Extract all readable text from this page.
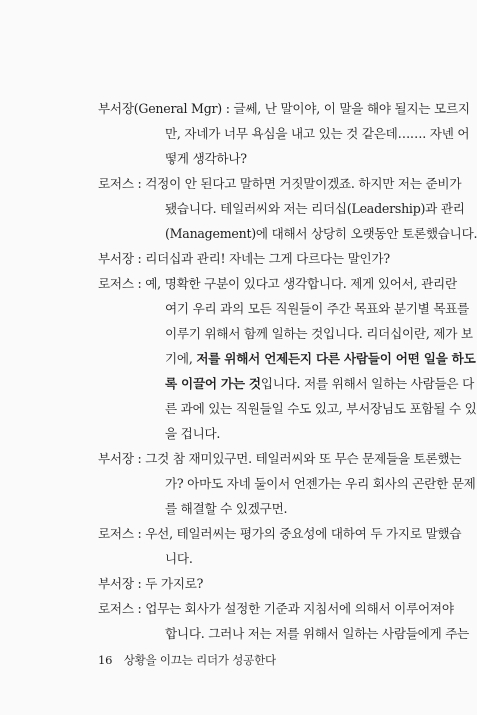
부서장(General Mgr) : 글쎄, 난 말이야, 이 말을 해야 될지는 모르지
만, 자네가 너무 욕심을 내고 있는 것 같은데……. 자넨 어
떻게 생각하나?
로저스 : 걱정이 안 된다고 말하면 거짓말이겠죠. 하지만 저는 준비가
됐습니다. 테일러씨와 저는 리더십(Leadership)과 관리
(Management)에 대해서 상당히 오랫동안 토론했습니다.
부서장 : 리더십과 관리! 자네는 그게 다르다는 말인가?
로저스 : 예, 명확한 구분이 있다고 생각합니다. 제게 있어서, 관리란
여기 우리 과의 모든 직원들이 주간 목표와 분기별 목표를
이루기 위해서 함께 일하는 것입니다. 리더십이란, 제가 보
기에, 저를 위해서 언제든지 다른 사람들이 어떤 일을 하도
록 이끌어 가는 것입니다. 저를 위해서 일하는 사람들은 다
른 과에 있는 직원들일 수도 있고, 부서장님도 포함될 수 있
을 겁니다.
부서장 : 그것 참 재미있구먼. 테일러씨와 또 무슨 문제들을 토론했는
가? 아마도 자네 둘이서 언젠가는 우리 회사의 곤란한 문제
를 해결할 수 있겠구먼.
로저스 : 우선, 테일러씨는 평가의 중요성에 대하여 두 가지로 말했습
니다.
부서장 : 두 가지로?
로저스 : 업무는 회사가 설정한 기준과 지침서에 의해서 이루어져야
합니다. 그러나 저는 저를 위해서 일하는 사람들에게 주는
16 상황을 이끄는 리더가 성공한다
